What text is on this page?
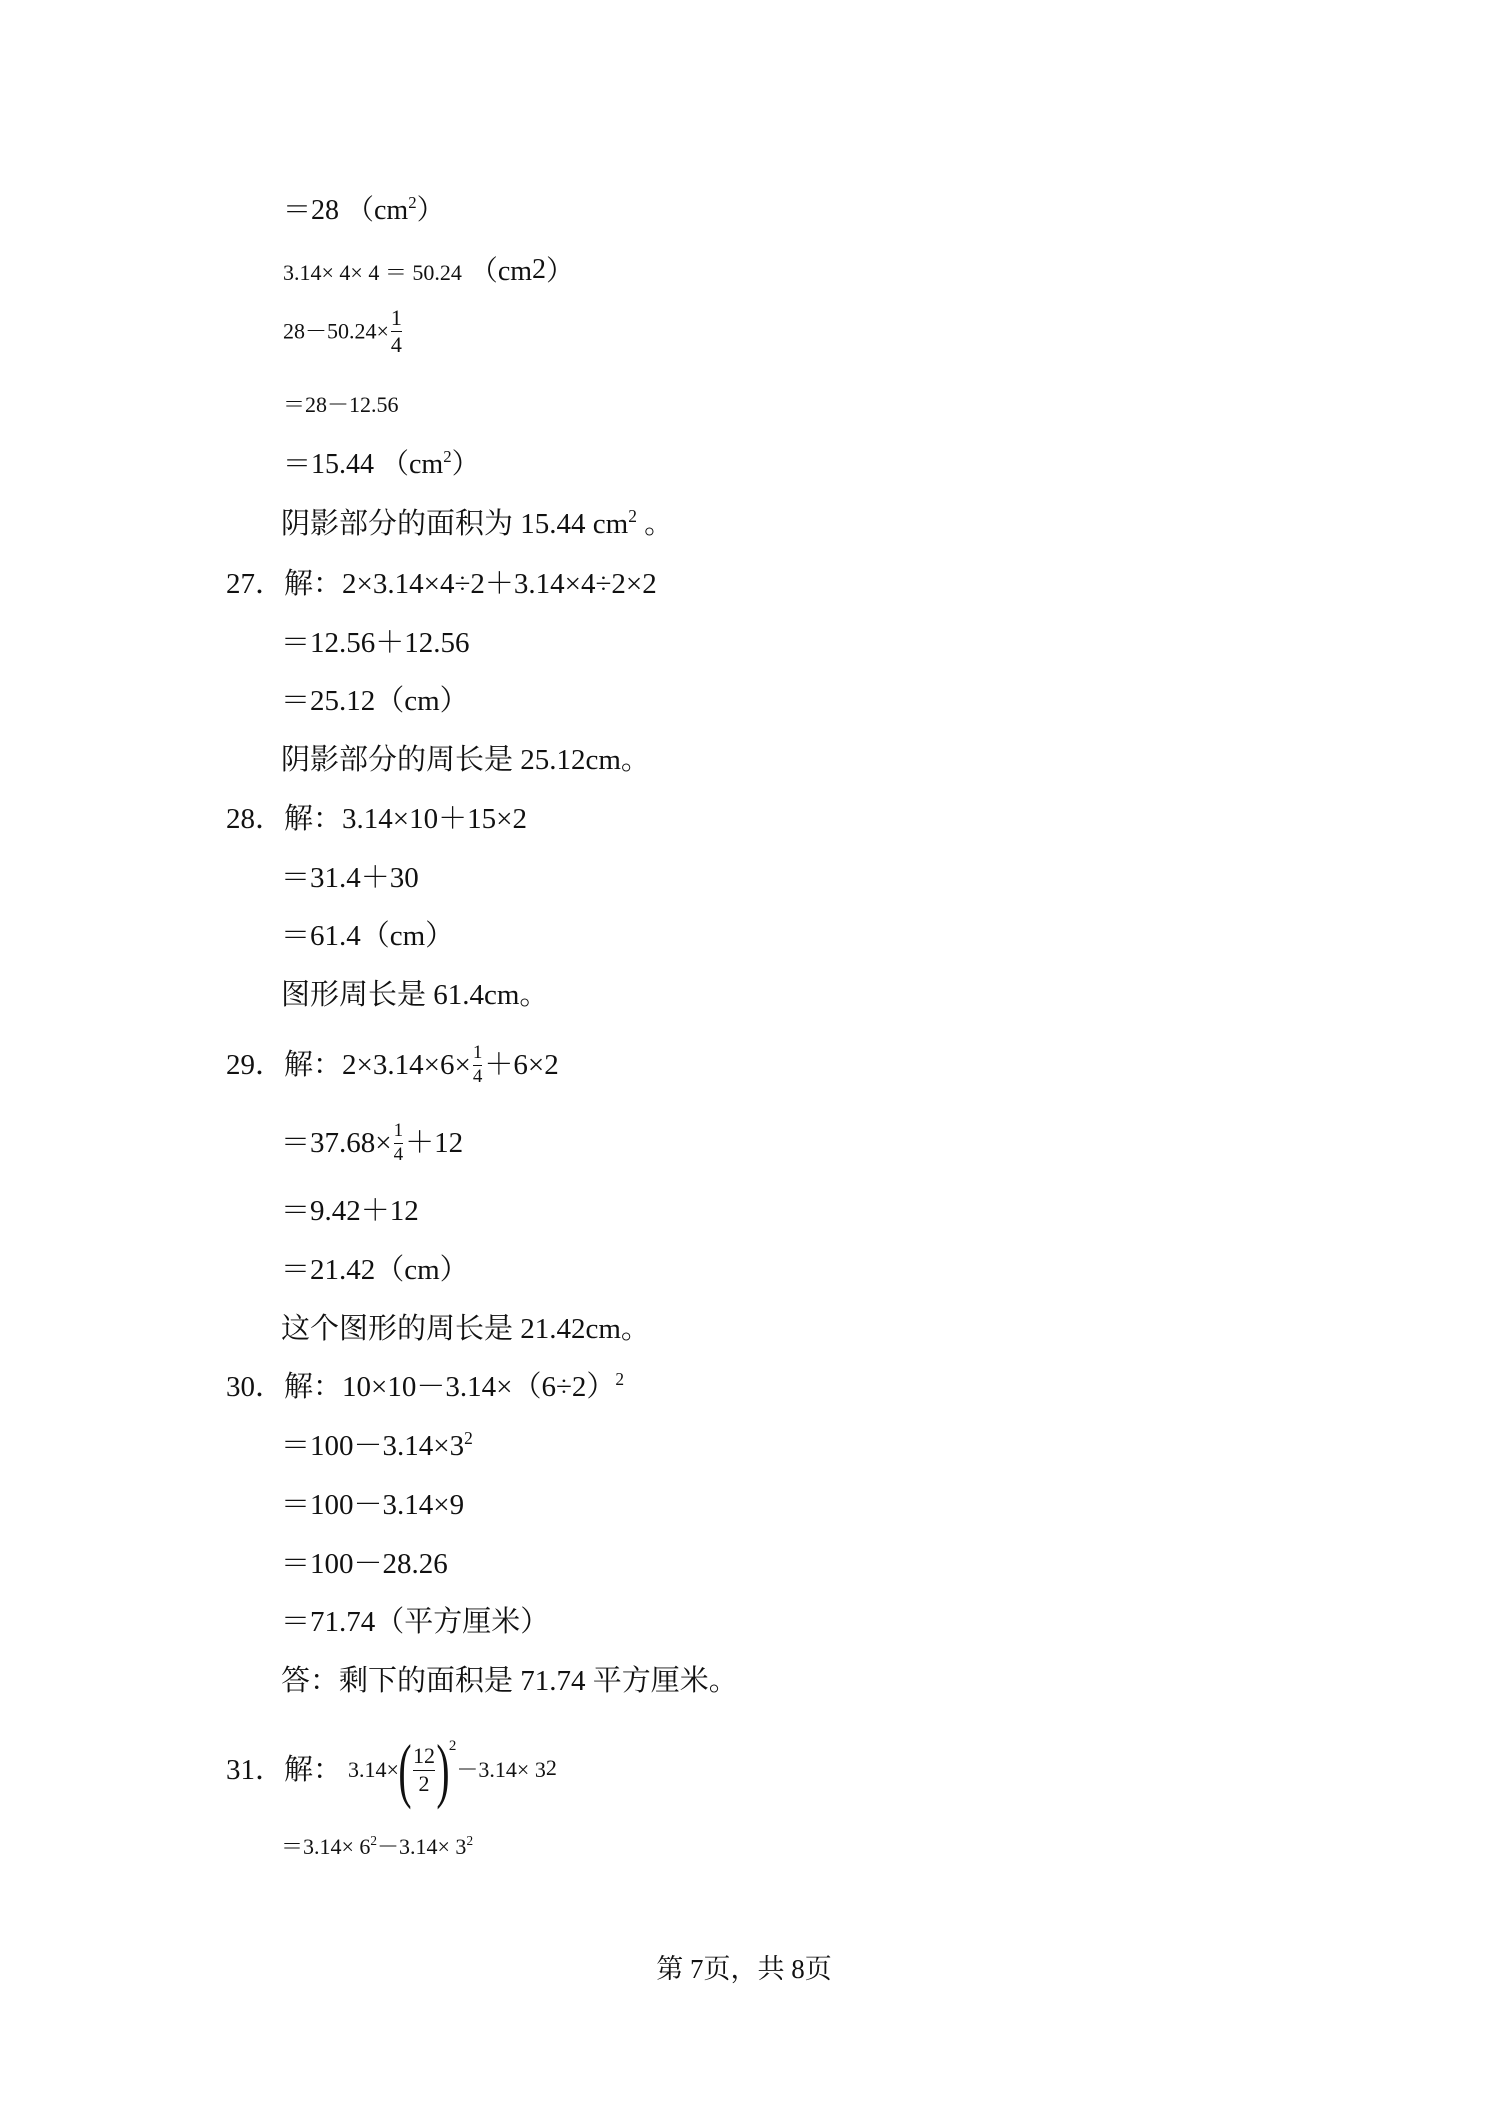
＝28 $(cm^2)$
3.14× 4× 4 ＝ 50.24 $(cm^2)$
$28-50.24\times \frac{1}{4}$
＝28－12.56
＝15.44 $(cm^2)$
阴影部分的面积为 15.44 $cm^2$ 。
27．解：2×3.14×4÷2＋3.14×4÷2×2
＝12.56＋12.56
＝25.12（cm）
阴影部分的周长是 25.12cm。
28．解：3.14×10＋15×2
＝31.4＋30
＝61.4（cm）
图形周长是 61.4cm。
29．解：$2\times 3.14\times 6\times \frac{1}{4} +6\times 2$
$=37.68\times \frac{1}{4} +12$
＝9.42＋12
＝21.42（cm）
这个图形的周长是 21.42cm。
30．解：$10\times 10-3.14\times(6\div 2)^2$
$=100-3.14\times 3^2$
＝100－3.14×9
＝100－28.26
＝71.74（平方厘米）
答：剩下的面积是 71.74 平方厘米。
31． 解： 3.14× ( $\frac{12}{2}$ ) 2
$-3.14\times 3^2$
$=3.14\times 6^2-3.14\times 3^2$
第 7页，共 8页
